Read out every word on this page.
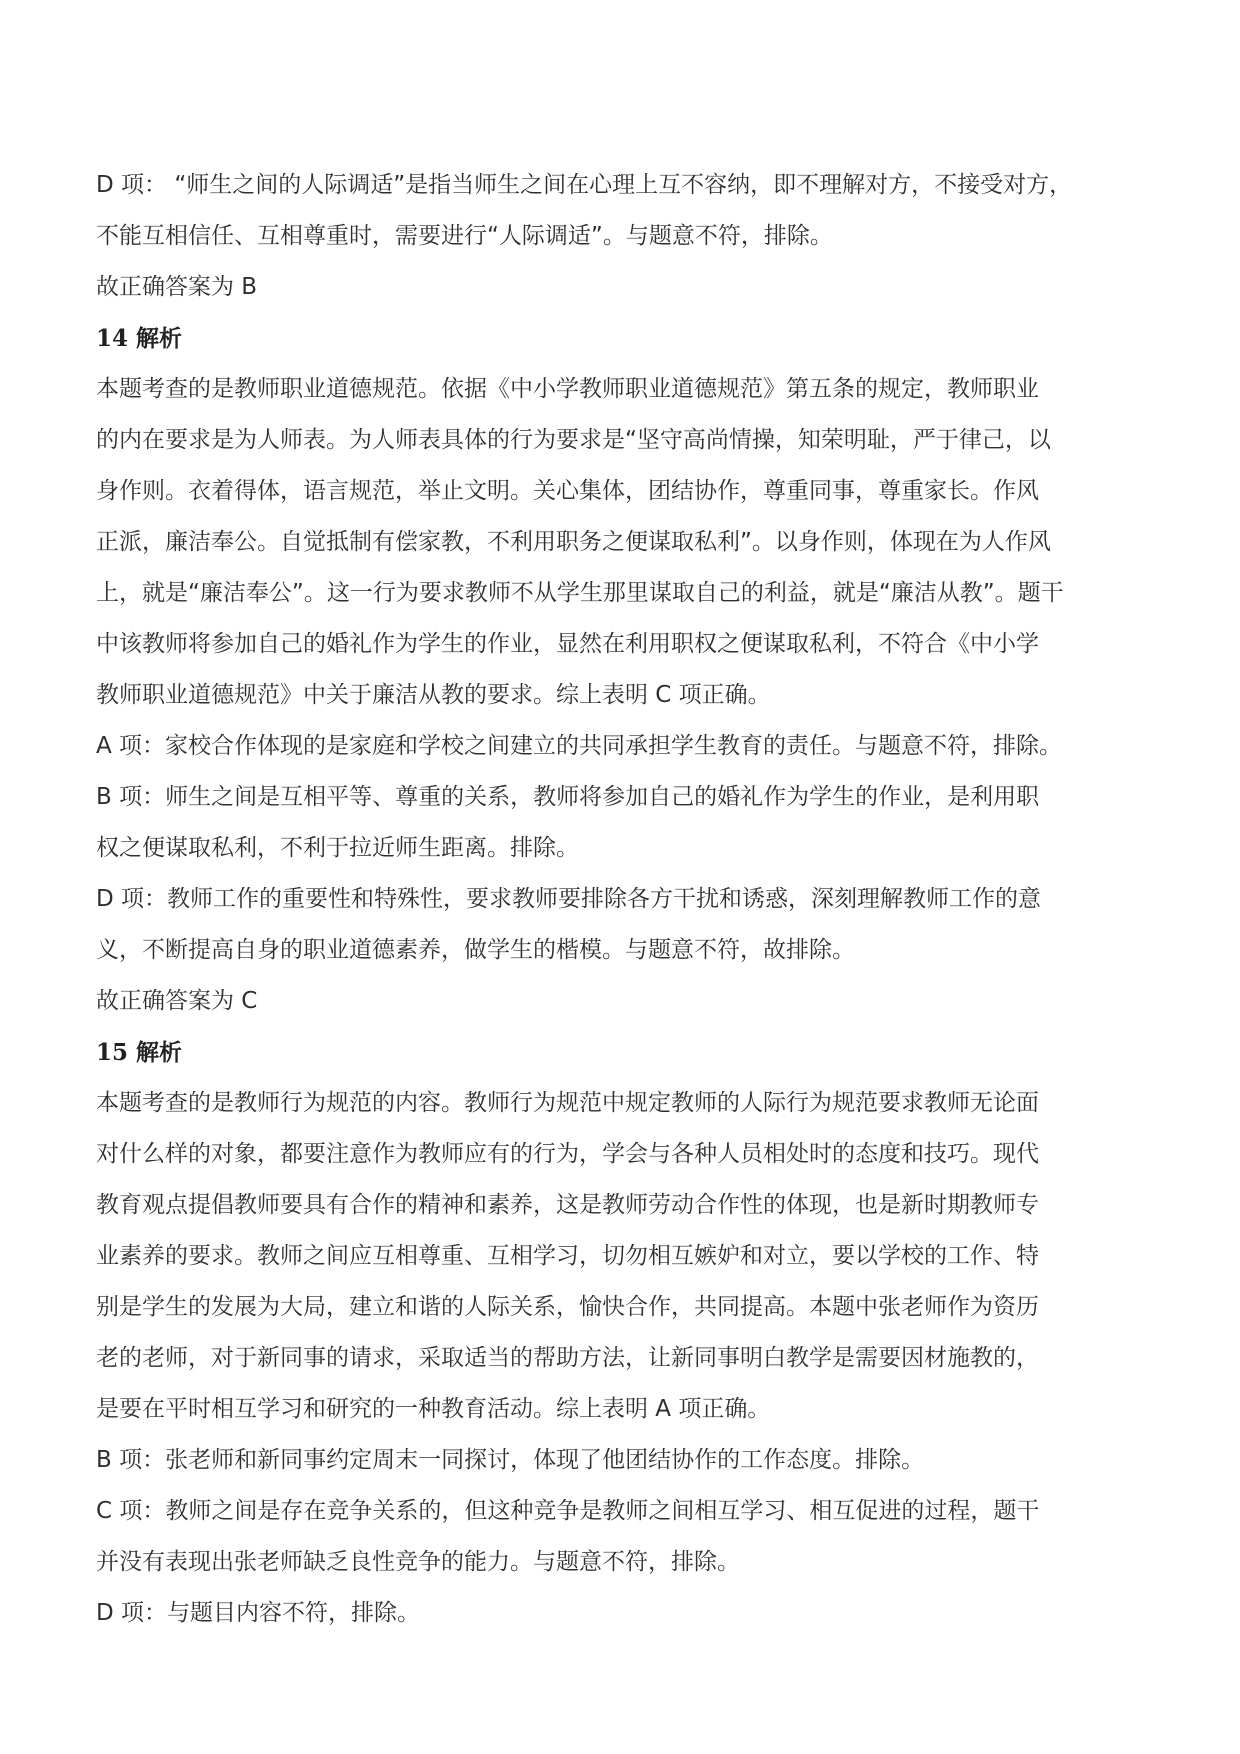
D 项： “师生之间的人际调适”是指当师生之间在心理上互不容纳，即不理解对方，不接受对方，

不能互相信任、互相尊重时，需要进行“人际调适”。与题意不符，排除。

故正确答案为 B

14 解析

本题考查的是教师职业道德规范。依据《中小学教师职业道德规范》第五条的规定，教师职业

的内在要求是为人师表。为人师表具体的行为要求是“坚守高尚情操，知荣明耻，严于律己，以

身作则。衣着得体，语言规范，举止文明。关心集体，团结协作，尊重同事，尊重家长。作风

正派，廉洁奉公。自觉抵制有偿家教，不利用职务之便谋取私利”。以身作则，体现在为人作风

上，就是“廉洁奉公”。这一行为要求教师不从学生那里谋取自己的利益，就是“廉洁从教”。题干

中该教师将参加自己的婚礼作为学生的作业，显然在利用职权之便谋取私利，不符合《中小学

教师职业道德规范》中关于廉洁从教的要求。综上表明 C 项正确。

A 项：家校合作体现的是家庭和学校之间建立的共同承担学生教育的责任。与题意不符，排除。

B 项：师生之间是互相平等、尊重的关系，教师将参加自己的婚礼作为学生的作业，是利用职

权之便谋取私利，不利于拉近师生距离。排除。

D 项：教师工作的重要性和特殊性，要求教师要排除各方干扰和诱惑，深刻理解教师工作的意

义，不断提高自身的职业道德素养，做学生的楷模。与题意不符，故排除。

故正确答案为 C

15 解析

本题考查的是教师行为规范的内容。教师行为规范中规定教师的人际行为规范要求教师无论面

对什么样的对象，都要注意作为教师应有的行为，学会与各种人员相处时的态度和技巧。现代

教育观点提倡教师要具有合作的精神和素养，这是教师劳动合作性的体现，也是新时期教师专

业素养的要求。教师之间应互相尊重、互相学习，切勿相互嫉妒和对立，要以学校的工作、特

别是学生的发展为大局，建立和谐的人际关系，愉快合作，共同提高。本题中张老师作为资历

老的老师，对于新同事的请求，采取适当的帮助方法，让新同事明白教学是需要因材施教的，

是要在平时相互学习和研究的一种教育活动。综上表明 A 项正确。

B 项：张老师和新同事约定周末一同探讨，体现了他团结协作的工作态度。排除。

C 项：教师之间是存在竞争关系的，但这种竞争是教师之间相互学习、相互促进的过程，题干

并没有表现出张老师缺乏良性竞争的能力。与题意不符，排除。

D 项：与题目内容不符，排除。
